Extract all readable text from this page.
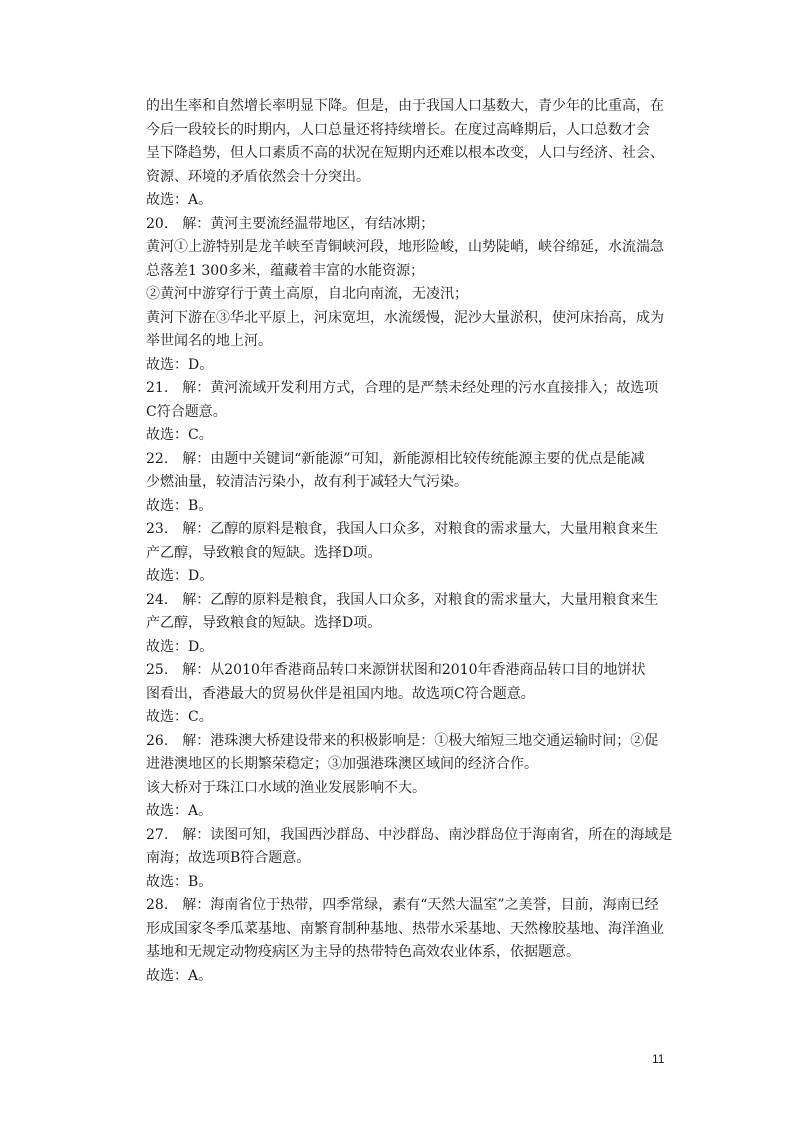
的出生率和自然增长率明显下降。但是，由于我国人口基数大，青少年的比重高，在
今后一段较长的时期内，人口总量还将持续增长。在度过高峰期后，人口总数才会
呈下降趋势，但人口素质不高的状况在短期内还难以根本改变，人口与经济、社会、
资源、环境的矛盾依然会十分突出。
故选：A。
20.　解：黄河主要流经温带地区，有结冰期；
黄河①上游特别是龙羊峡至青铜峡河段，地形险峻，山势陡峭，峡谷绵延，水流湍急
总落差1 300多米，蕴藏着丰富的水能资源；
②黄河中游穿行于黄土高原，自北向南流，无凌汛；
黄河下游在③华北平原上，河床宽坦，水流缓慢，泥沙大量淤积，使河床抬高，成为
举世闻名的地上河。
故选：D。
21.　解：黄河流域开发利用方式，合理的是严禁未经处理的污水直接排入；故选项
C符合题意。
故选：C。
22.　解：由题中关键词“新能源”可知，新能源相比较传统能源主要的优点是能减
少燃油量，较清洁污染小，故有利于减轻大气污染。
故选：B。
23.　解：乙醇的原料是粮食，我国人口众多，对粮食的需求量大，大量用粮食来生
产乙醇，导致粮食的短缺。选择D项。
故选：D。
24.　解：乙醇的原料是粮食，我国人口众多，对粮食的需求量大，大量用粮食来生
产乙醇，导致粮食的短缺。选择D项。
故选：D。
25.　解：从2010年香港商品转口来源饼状图和2010年香港商品转口目的地饼状
图看出，香港最大的贸易伙伴是祖国内地。故选项C符合题意。
故选：C。
26.　解：港珠澳大桥建设带来的积极影响是：①极大缩短三地交通运输时间；②促
进港澳地区的长期繁荣稳定；③加强港珠澳区域间的经济合作。
该大桥对于珠江口水域的渔业发展影响不大。
故选：A。
27.　解：读图可知，我国西沙群岛、中沙群岛、南沙群岛位于海南省，所在的海域是
南海；故选项B符合题意。
故选：B。
28.　解：海南省位于热带，四季常绿，素有“天然大温室”之美誉，目前，海南已经
形成国家冬季瓜菜基地、南繁育制种基地、热带水采基地、天然橡胶基地、海洋渔业
基地和无规定动物疫病区为主导的热带特色高效农业体系，依据题意。
故选：A。
11
